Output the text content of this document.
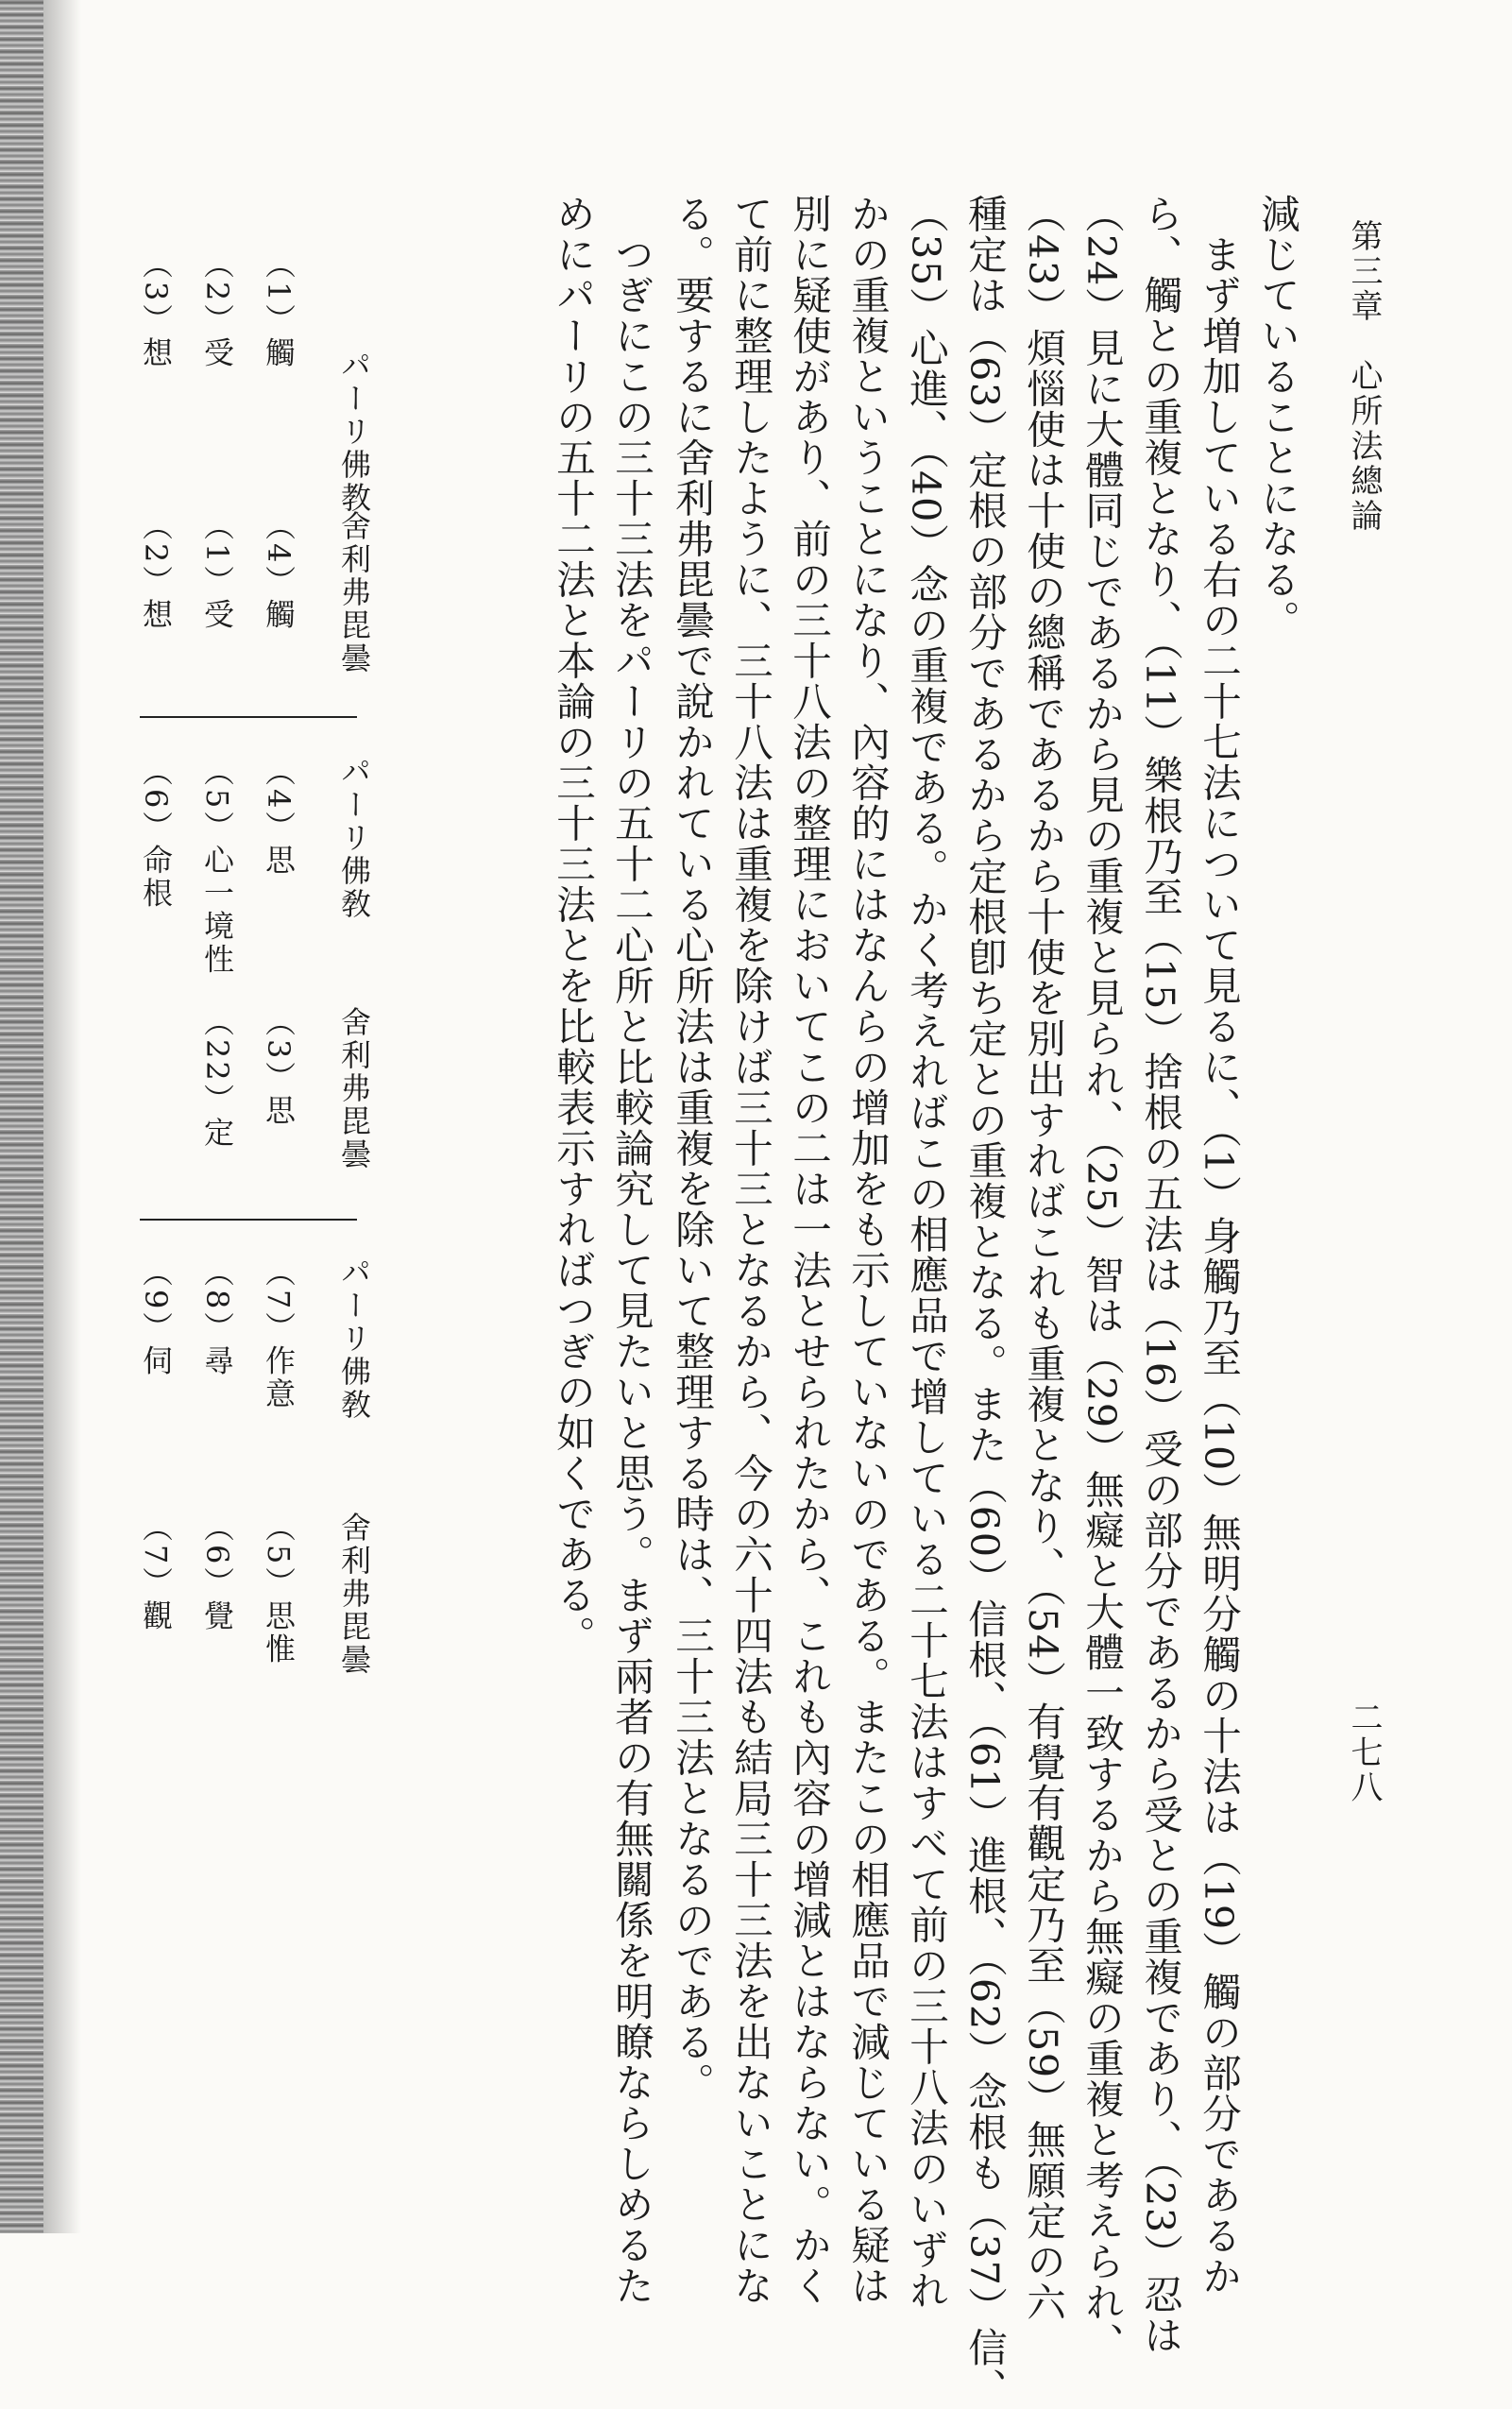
第三章　心所法總論
二七八
減じていることになる。
　まず増加している右の二十七法について見るに、（1）身觸乃至（10）無明分觸の十法は（19）觸の部分であるか
ら、觸との重複となり、（11）樂根乃至（15）捨根の五法は（16）受の部分であるから受との重複であり、（23）忍は
（24）見に大體同じであるから見の重複と見られ、（25）智は（29）無癡と大體一致するから無癡の重複と考えられ、
（43）煩惱使は十使の總稱であるから十使を別出すればこれも重複となり、（54）有覺有觀定乃至（59）無願定の六
種定は（63）定根の部分であるから定根卽ち定との重複となる。また（60）信根、（61）進根、（62）念根も（37）信、
（35）心進、（40）念の重複である。かく考えればこの相應品で增している二十七法はすべて前の三十八法のいずれ
かの重複ということになり、內容的にはなんらの增加をも示していないのである。またこの相應品で減じている疑は
別に疑使があり、前の三十八法の整理においてこの二は一法とせられたから、これも內容の增減とはならない。かく
て前に整理したように、三十八法は重複を除けば三十三となるから、今の六十四法も結局三十三法を出ないことにな
る。要するに舍利弗毘曇で說かれている心所法は重複を除いて整理する時は、三十三法となるのである。
　つぎにこの三十三法をパーリの五十二心所と比較論究して見たいと思う。まず兩者の有無關係を明瞭ならしめるた
めにパーリの五十二法と本論の三十三法とを比較表示すればつぎの如くである。
パーリ佛教
舍利弗毘曇
パーリ佛敎
舍利弗毘曇
パーリ佛敎
舍利弗毘曇
（1）觸
（4）觸
（4）思
（3）思
（7）作意
（5）思惟
（2）受
（1）受
（5）心一境性
（22）定
（8）尋
（6）覺
（3）想
（2）想
（6）命根
（9）伺
（7）觀
